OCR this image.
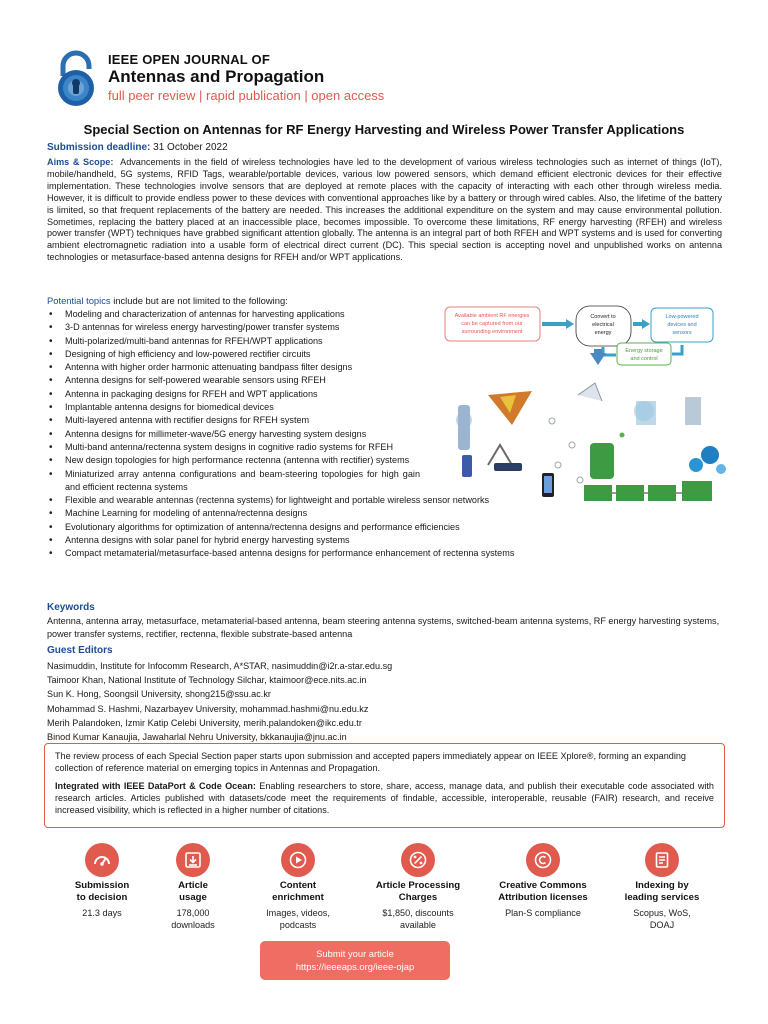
IEEE OPEN JOURNAL OF
Antennas and Propagation
full peer review | rapid publication | open access
Special Section on Antennas for RF Energy Harvesting and Wireless Power Transfer Applications
Submission deadline: 31 October 2022
Aims & Scope: Advancements in the field of wireless technologies have led to the development of various wireless technologies such as internet of things (IoT), mobile/handheld, 5G systems, RFID Tags, wearable/portable devices, various low powered sensors, which demand efficient electronic devices for their effective implementation. These technologies involve sensors that are deployed at remote places with the capacity of interacting with each other through wireless media. However, it is difficult to provide endless power to these devices with conventional approaches like by a battery or through wired cables. Also, the lifetime of the battery is limited, so that frequent replacements of the battery are needed. This increases the additional expenditure on the system and may cause environmental pollution. Sometimes, replacing the battery placed at an inaccessible place, becomes impossible. To overcome these limitations, RF energy harvesting (RFEH) and wireless power transfer (WPT) techniques have grabbed significant attention globally. The antenna is an integral part of both RFEH and WPT systems and is used for converting ambient electromagnetic radiation into a usable form of electrical direct current (DC). This special section is accepting novel and unpublished works on antenna technologies or metasurface-based antenna designs for RFEH and/or WPT applications.
Potential topics include but are not limited to the following:
• Modeling and characterization of antennas for harvesting applications
• 3-D antennas for wireless energy harvesting/power transfer systems
• Multi-polarized/multi-band antennas for RFEH/WPT applications
• Designing of high efficiency and low-powered rectifier circuits
• Antenna with higher order harmonic attenuating bandpass filter designs
• Antenna designs for self-powered wearable sensors using RFEH
• Antenna in packaging designs for RFEH and WPT applications
• Implantable antenna designs for biomedical devices
• Multi-layered antenna with rectifier designs for RFEH system
• Antenna designs for millimeter-wave/5G energy harvesting system designs
• Multi-band antenna/rectenna system designs in cognitive radio systems for RFEH
• New design topologies for high performance rectenna (antenna with rectifier) systems
• Miniaturized array antenna configurations and beam-steering topologies for high gain and efficient rectenna systems
• Flexible and wearable antennas (rectenna systems) for lightweight and portable wireless sensor networks
• Machine Learning for modeling of antenna/rectenna designs
• Evolutionary algorithms for optimization of antenna/rectenna designs and performance efficiencies
• Antenna designs with solar panel for hybrid energy harvesting systems
• Compact metamaterial/metasurface-based antenna designs for performance enhancement of rectenna systems
Available ambient RF energies
can be captured from our
surrounding environment
Convert to
electrical
energy
Low-powered
devices and
sensors
Energy storage
and control
Keywords
Antenna, antenna array, metasurface, metamaterial-based antenna, beam steering antenna systems, switched-beam antenna systems, RF energy harvesting systems, power transfer systems, rectifier, rectenna, flexible substrate-based antenna
Guest Editors
Nasimuddin, Institute for Infocomm Research, A*STAR, nasimuddin@i2r.a-star.edu.sg
Taimoor Khan, National Institute of Technology Silchar, ktaimoor@ece.nits.ac.in
Sun K. Hong, Soongsil University, shong215@ssu.ac.kr
Mohammad S. Hashmi, Nazarbayev University, mohammad.hashmi@nu.edu.kz
Merih Palandoken, Izmir Katip Celebi University, merih.palandoken@ikc.edu.tr
Binod Kumar Kanaujia, Jawaharlal Nehru University, bkkanaujia@jnu.ac.in

The review process of each Special Section paper starts upon submission and accepted papers immediately appear on IEEE Xplore®, forming an expanding collection of reference material on emerging topics in Antennas and Propagation.

Integrated with IEEE DataPort & Code Ocean: Enabling researchers to store, share, access, manage data, and publish their executable code associated with research articles. Articles published with datasets/code meet the requirements of findable, accessible, interoperable, reusable (FAIR) research, and receive increased visibility, which is reflected in a higher number of citations.

Submission
to decision
21.3 days
Article
usage
178,000
downloads
Content
enrichment
Images, videos,
podcasts
Article Processing
Charges
$1,850, discounts
available
Creative Commons
Attribution licenses
Plan-S compliance
Indexing by
leading services
Scopus, WoS,
DOAJ
Submit your article
https://ieeeaps.org/ieee-ojap
